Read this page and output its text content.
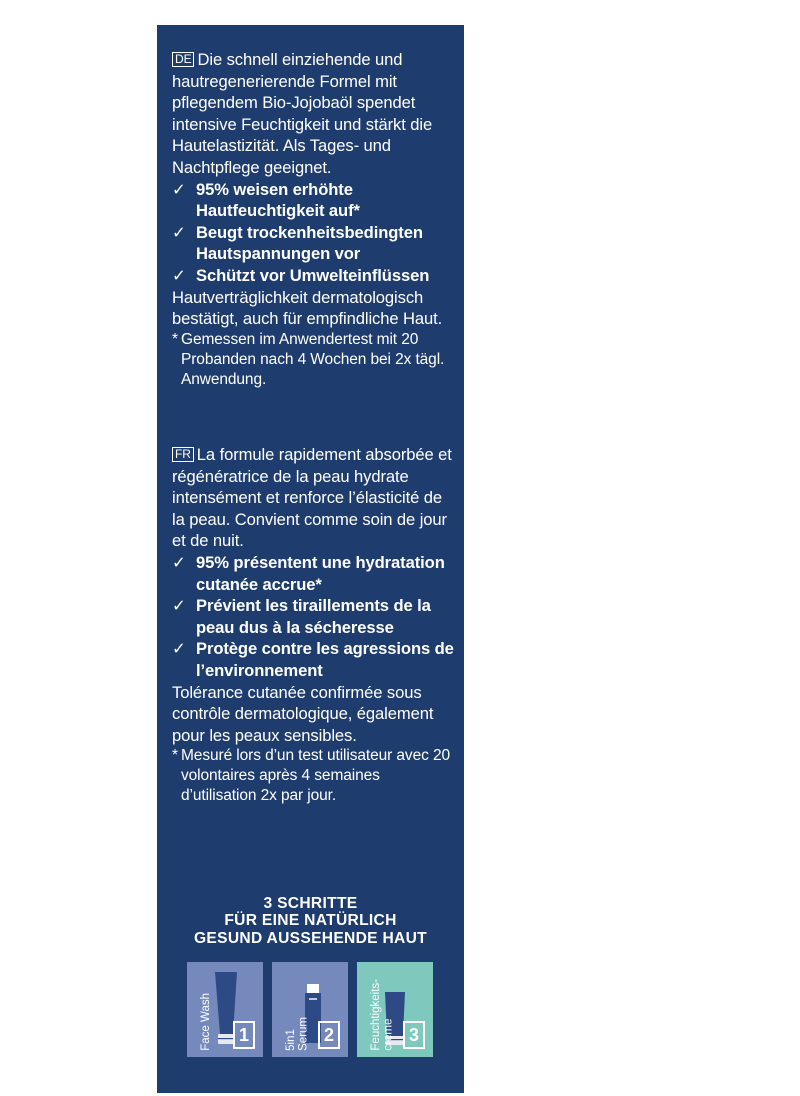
DE Die schnell einziehende und hautregenerierende Formel mit pflegendem Bio-Jojobaöl spendet intensive Feuchtigkeit und stärkt die Hautelastizität. Als Tages- und Nachtpflege geeignet.

✓ 95% weisen erhöhte Hautfeuchtigkeit auf*
✓ Beugt trockenheitsbedingten Hautspannungen vor
✓ Schützt vor Umwelteinflüssen

Hautverträglichkeit dermatologisch bestätigt, auch für empfindliche Haut.

* Gemessen im Anwendertest mit 20 Probanden nach 4 Wochen bei 2x tägl. Anwendung.

FR La formule rapidement absorbée et régénératrice de la peau hydrate intensément et renforce l’élasticité de la peau. Convient comme soin de jour et de nuit.

✓ 95% présentent une hydratation cutanée accrue*
✓ Prévient les tiraillements de la peau dus à la sécheresse
✓ Protège contre les agressions de l’environnement

Tolérance cutanée confirmée sous contrôle dermatologique, également pour les peaux sensibles.

* Mesuré lors d’un test utilisateur avec 20 volontaires après 4 semaines d’utilisation 2x par jour.
3 SCHRITTE
FÜR EINE NATÜRLICH
GESUND AUSSEHENDE HAUT
Face Wash	1	5in1
Serum 2	Feuchtigkeits-
creme 3
